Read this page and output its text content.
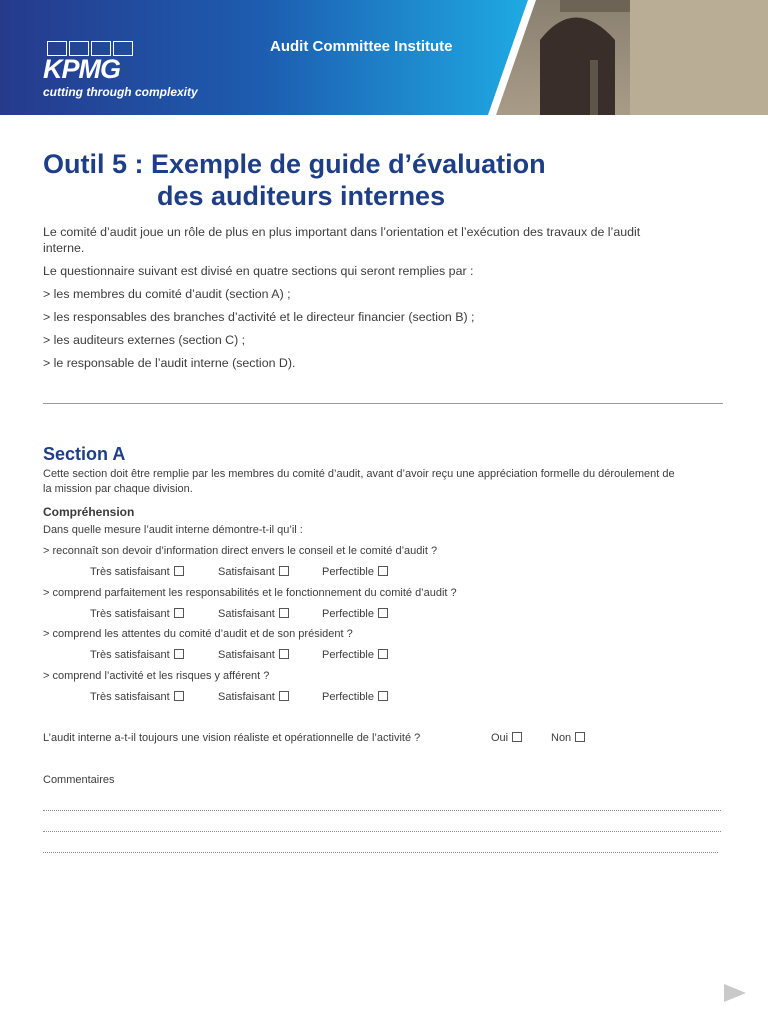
KPMG
cutting through complexity
Audit Committee Institute
Outil 5 : Exemple de guide d’évaluation
des auditeurs internes

Le comité d’audit joue un rôle de plus en plus important dans l’orientation et l’exécution des travaux de l’audit interne.

Le questionnaire suivant est divisé en quatre sections qui seront remplies par :

> les membres du comité d’audit (section A) ;
> les responsables des branches d’activité et le directeur financier (section B) ;
> les auditeurs externes (section C) ;
> le responsable de l’audit interne (section D).
Section A
Cette section doit être remplie par les membres du comité d’audit, avant d’avoir reçu une appréciation formelle du déroulement de la mission par chaque division.
Compréhension
Dans quelle mesure l’audit interne démontre-t-il qu’il :
> reconnaît son devoir d’information direct envers le conseil et le comité d’audit ?
Très satisfaisant	Satisfaisant	Perfectible
> comprend parfaitement les responsabilités et le fonctionnement du comité d’audit ?
Très satisfaisant	Satisfaisant	Perfectible
> comprend les attentes du comité d’audit et de son président ?
Très satisfaisant	Satisfaisant	Perfectible
> comprend l’activité et les risques y afférent ?
Très satisfaisant	Satisfaisant	Perfectible
L’audit interne a-t-il toujours une vision réaliste et opérationnelle de l’activité ?	Oui	Non
Commentaires
